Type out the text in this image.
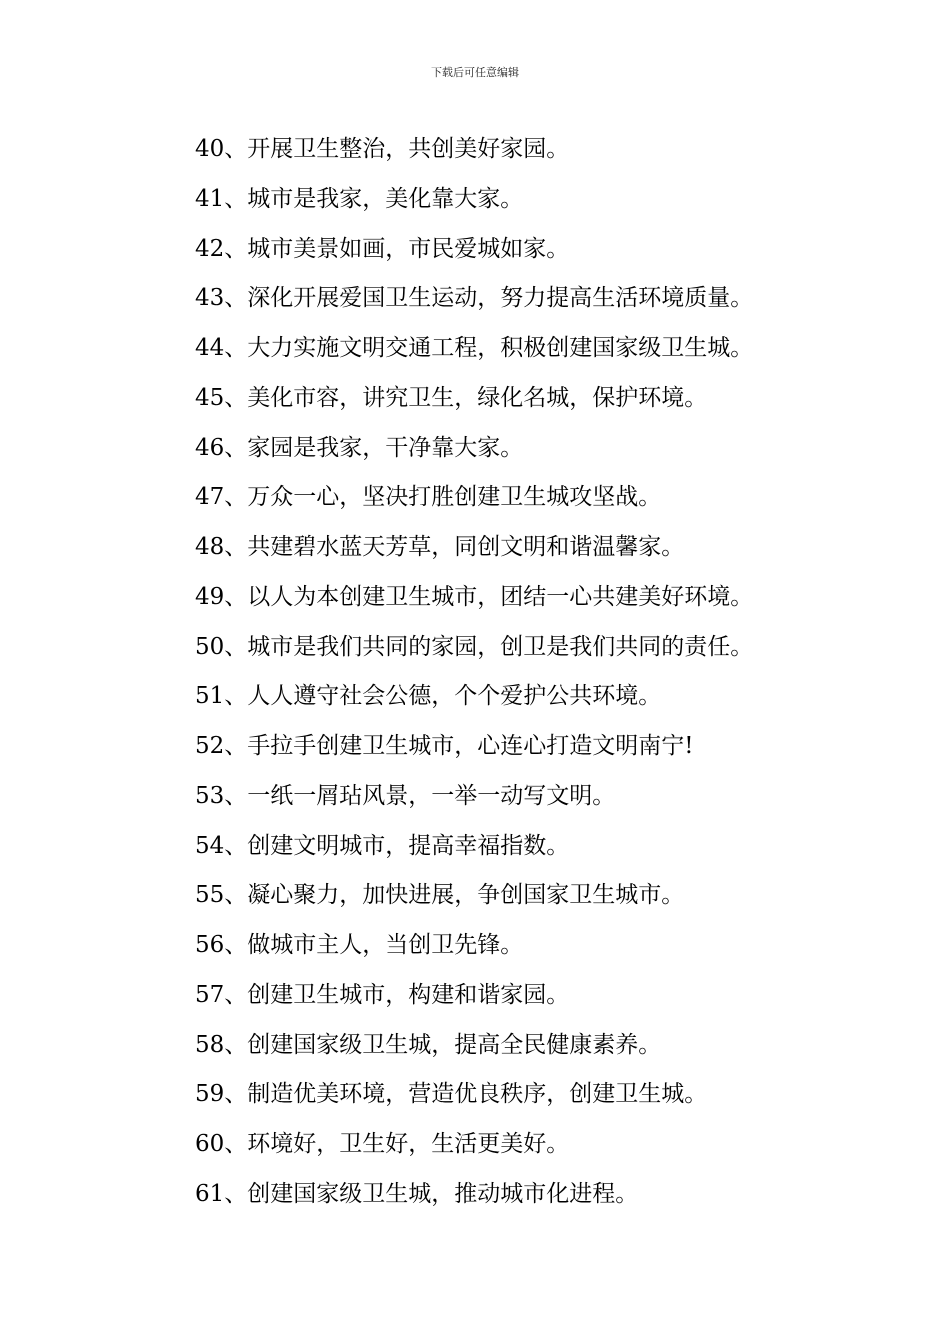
下载后可任意编辑
40、开展卫生整治，共创美好家园。
41、城市是我家，美化靠大家。
42、城市美景如画，市民爱城如家。
43、深化开展爱国卫生运动，努力提高生活环境质量。
44、大力实施文明交通工程，积极创建国家级卫生城。
45、美化市容，讲究卫生，绿化名城，保护环境。
46、家园是我家，干净靠大家。
47、万众一心，坚决打胜创建卫生城攻坚战。
48、共建碧水蓝天芳草，同创文明和谐温馨家。
49、以人为本创建卫生城市，团结一心共建美好环境。
50、城市是我们共同的家园，创卫是我们共同的责任。
51、人人遵守社会公德，个个爱护公共环境。
52、手拉手创建卫生城市，心连心打造文明南宁!
53、一纸一屑玷风景，一举一动写文明。
54、创建文明城市，提高幸福指数。
55、凝心聚力，加快进展，争创国家卫生城市。
56、做城市主人，当创卫先锋。
57、创建卫生城市，构建和谐家园。
58、创建国家级卫生城，提高全民健康素养。
59、制造优美环境，营造优良秩序，创建卫生城。
60、环境好，卫生好，生活更美好。
61、创建国家级卫生城，推动城市化进程。
